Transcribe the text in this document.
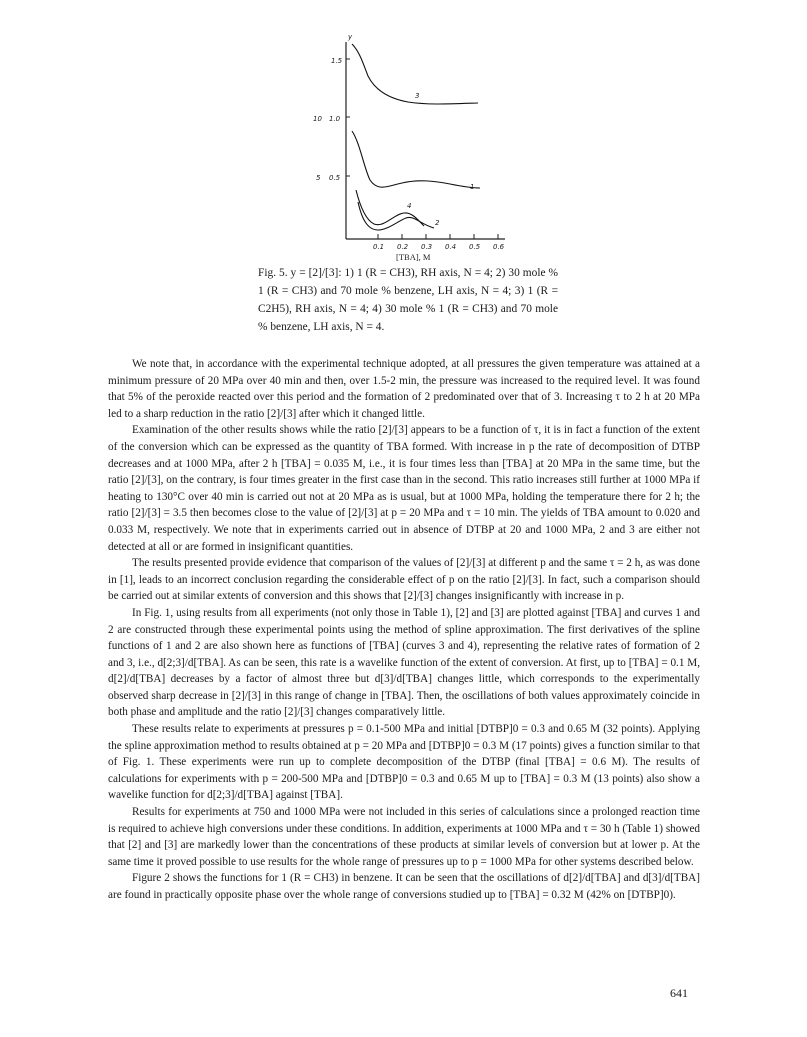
y
10
5
1.5
1.0
0.5
0.1 0.2 0.3 0.4 0.5 0.6
[TBA], M
3
1
4
2

Fig. 5. y = [2]/[3]: 1) 1 (R = CH3), RH axis, N = 4; 2) 30 mole % 1 (R = CH3) and 70 mole % benzene, LH axis, N = 4; 3) 1 (R = C2H5), RH axis, N = 4; 4) 30 mole % 1 (R = CH3) and 70 mole % benzene, LH axis, N = 4.

We note that, in accordance with the experimental technique adopted, at all pressures the given temperature was attained at a minimum pressure of 20 MPa over 40 min and then, over 1.5-2 min, the pressure was increased to the required level. It was found that 5% of the peroxide reacted over this period and the formation of 2 predominated over that of 3. Increasing τ to 2 h at 20 MPa led to a sharp reduction in the ratio [2]/[3] after which it changed little.

Examination of the other results shows while the ratio [2]/[3] appears to be a function of τ, it is in fact a function of the extent of the conversion which can be expressed as the quantity of TBA formed. With increase in p the rate of decomposition of DTBP decreases and at 1000 MPa, after 2 h [TBA] = 0.035 M, i.e., it is four times less than [TBA] at 20 MPa in the same time, but the ratio [2]/[3], on the contrary, is four times greater in the first case than in the second. This ratio increases still further at 1000 MPa if heating to 130°C over 40 min is carried out not at 20 MPa as is usual, but at 1000 MPa, holding the temperature there for 2 h; the ratio [2]/[3] = 3.5 then becomes close to the value of [2]/[3] at p = 20 MPa and τ = 10 min. The yields of TBA amount to 0.020 and 0.033 M, respectively. We note that in experiments carried out in absence of DTBP at 20 and 1000 MPa, 2 and 3 are either not detected at all or are formed in insignificant quantities.

The results presented provide evidence that comparison of the values of [2]/[3] at different p and the same τ = 2 h, as was done in [1], leads to an incorrect conclusion regarding the considerable effect of p on the ratio [2]/[3]. In fact, such a comparison should be carried out at similar extents of conversion and this shows that [2]/[3] changes insignificantly with increase in p.

In Fig. 1, using results from all experiments (not only those in Table 1), [2] and [3] are plotted against [TBA] and curves 1 and 2 are constructed through these experimental points using the method of spline approximation. The first derivatives of the spline functions of 1 and 2 are also shown here as functions of [TBA] (curves 3 and 4), representing the relative rates of formation of 2 and 3, i.e., d[2;3]/d[TBA]. As can be seen, this rate is a wavelike function of the extent of conversion. At first, up to [TBA] = 0.1 M, d[2]/d[TBA] decreases by a factor of almost three but d[3]/d[TBA] changes little, which corresponds to the experimentally observed sharp decrease in [2]/[3] in this range of change in [TBA]. Then, the oscillations of both values approximately coincide in both phase and amplitude and the ratio [2]/[3] changes comparatively little.

These results relate to experiments at pressures p = 0.1-500 MPa and initial [DTBP]0 = 0.3 and 0.65 M (32 points). Applying the spline approximation method to results obtained at p = 20 MPa and [DTBP]0 = 0.3 M (17 points) gives a function similar to that of Fig. 1. These experiments were run up to complete decomposition of the DTBP (final [TBA] = 0.6 M). The results of calculations for experiments with p = 200-500 MPa and [DTBP]0 = 0.3 and 0.65 M up to [TBA] = 0.3 M (13 points) also show a wavelike function for d[2;3]/d[TBA] against [TBA].

Results for experiments at 750 and 1000 MPa were not included in this series of calculations since a prolonged reaction time is required to achieve high conversions under these conditions. In addition, experiments at 1000 MPa and τ = 30 h (Table 1) showed that [2] and [3] are markedly lower than the concentrations of these products at similar levels of conversion but at lower p. At the same time it proved possible to use results for the whole range of pressures up to p = 1000 MPa for other systems described below.

Figure 2 shows the functions for 1 (R = CH3) in benzene. It can be seen that the oscillations of d[2]/d[TBA] and d[3]/d[TBA] are found in practically opposite phase over the whole range of conversions studied up to [TBA] = 0.32 M (42% on [DTBP]0).

641
